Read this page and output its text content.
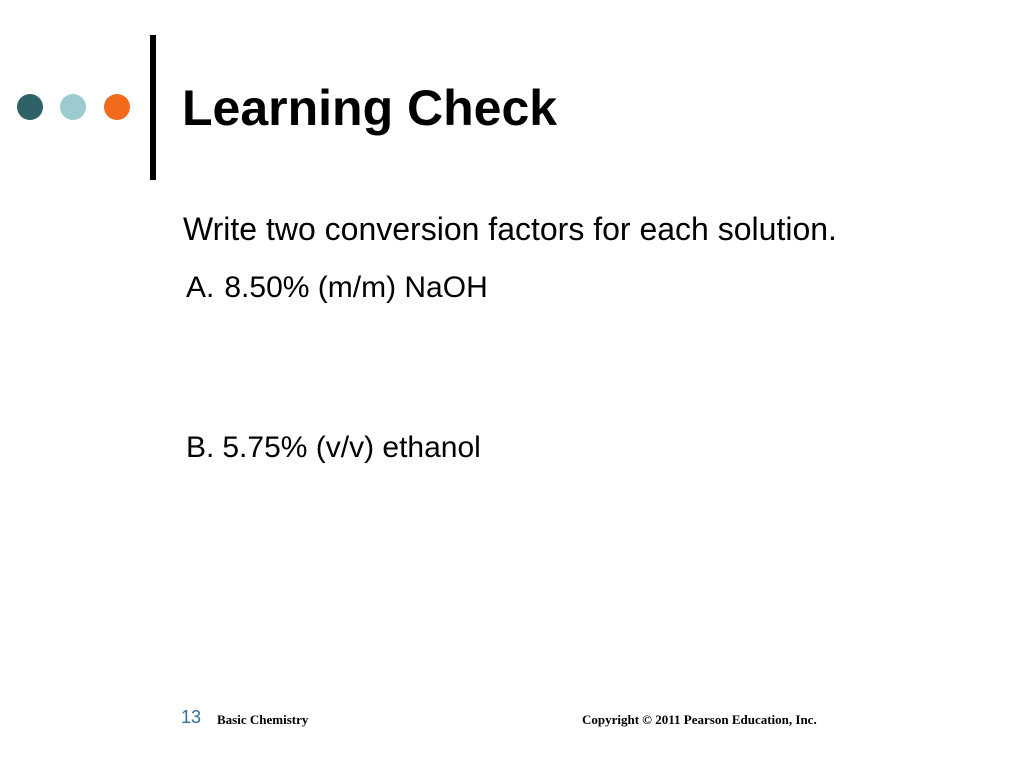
Learning Check
Write two conversion factors for each solution.
A. 8.50% (m/m) NaOH
B. 5.75% (v/v) ethanol
13 Basic Chemistry	Copyright © 2011 Pearson Education, Inc.
